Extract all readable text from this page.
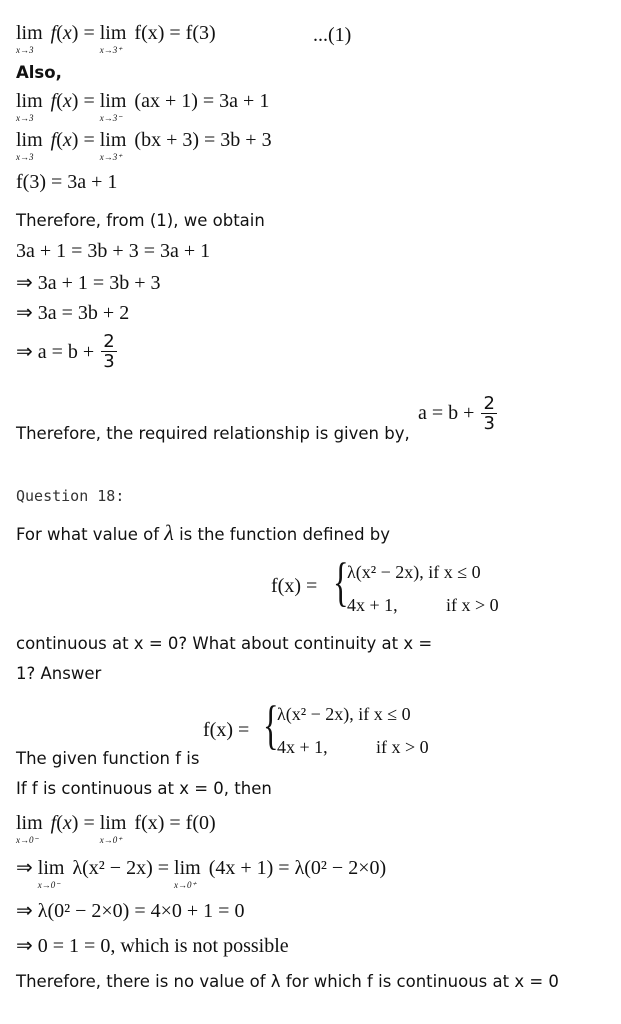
lim
x→3
f(x) = lim
x→3⁺
f(x) = f(3)	...(1)
Also,
lim
x→3
f(x) = lim
x→3⁻
(ax + 1) = 3a + 1
lim
x→3
f(x) = lim
x→3⁺
(bx + 3) = 3b + 3
f(3) = 3a + 1
Therefore, from (1), we obtain
3a + 1 = 3b + 3 = 3a + 1
⇒ 3a + 1 = 3b + 3
⇒ 3a = 3b + 2
⇒ $a = b + \frac{2}{3}$
Therefore, the required relationship is given by,
$a = b + \frac{2}{3}$
Question 18:
For what value of λ is the function defined by
f(x) = {
λ(x² − 2x), if x ≤ 0
4x + 1,	if x > 0
continuous at x = 0? What about continuity at x =
1? Answer
f(x) = {
λ(x² − 2x), if x ≤ 0
4x + 1,	if x > 0
The given function f is
If f is continuous at x = 0, then
lim
x→0⁻
f(x) = lim
x→0⁺
f(x) = f(0)
⇒ lim
x→0⁻
λ(x² − 2x) = lim
x→0⁺
(4x + 1) = λ(0² − 2×0)
⇒ λ(0² − 2×0) = 4×0 + 1 = 0
⇒ 0 = 1 = 0, which is not possible
Therefore, there is no value of λ for which f is continuous at x = 0
